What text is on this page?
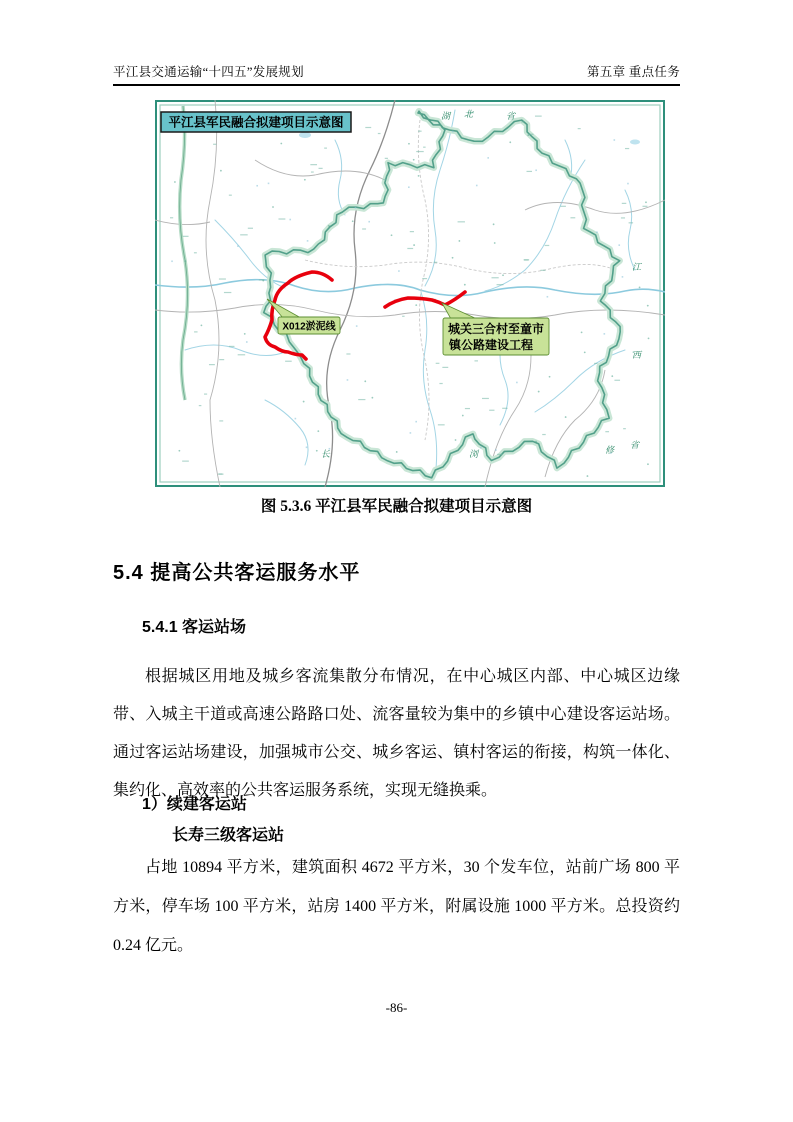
平江县交通运输“十四五”发展规划	第五章 重点任务
X012淤泥线	城关三合村至童市
镇公路建设工程
平江县军民融合拟建项目示意图	湖 北	省
江
西
省
长	浏	修
图 5.3.6 平江县军民融合拟建项目示意图
5.4 提高公共客运服务水平
5.4.1 客运站场
根据城区用地及城乡客流集散分布情况，在中心城区内部、中心城区边缘带、入城主干道或高速公路路口处、流客量较为集中的乡镇中心建设客运站场。通过客运站场建设，加强城市公交、城乡客运、镇村客运的衔接，构筑一体化、集约化、高效率的公共客运服务系统，实现无缝换乘。
1）续建客运站
长寿三级客运站
占地 10894 平方米，建筑面积 4672 平方米，30 个发车位，站前广场 800 平方米，停车场 100 平方米，站房 1400 平方米，附属设施 1000 平方米。总投资约 0.24 亿元。
-86-
